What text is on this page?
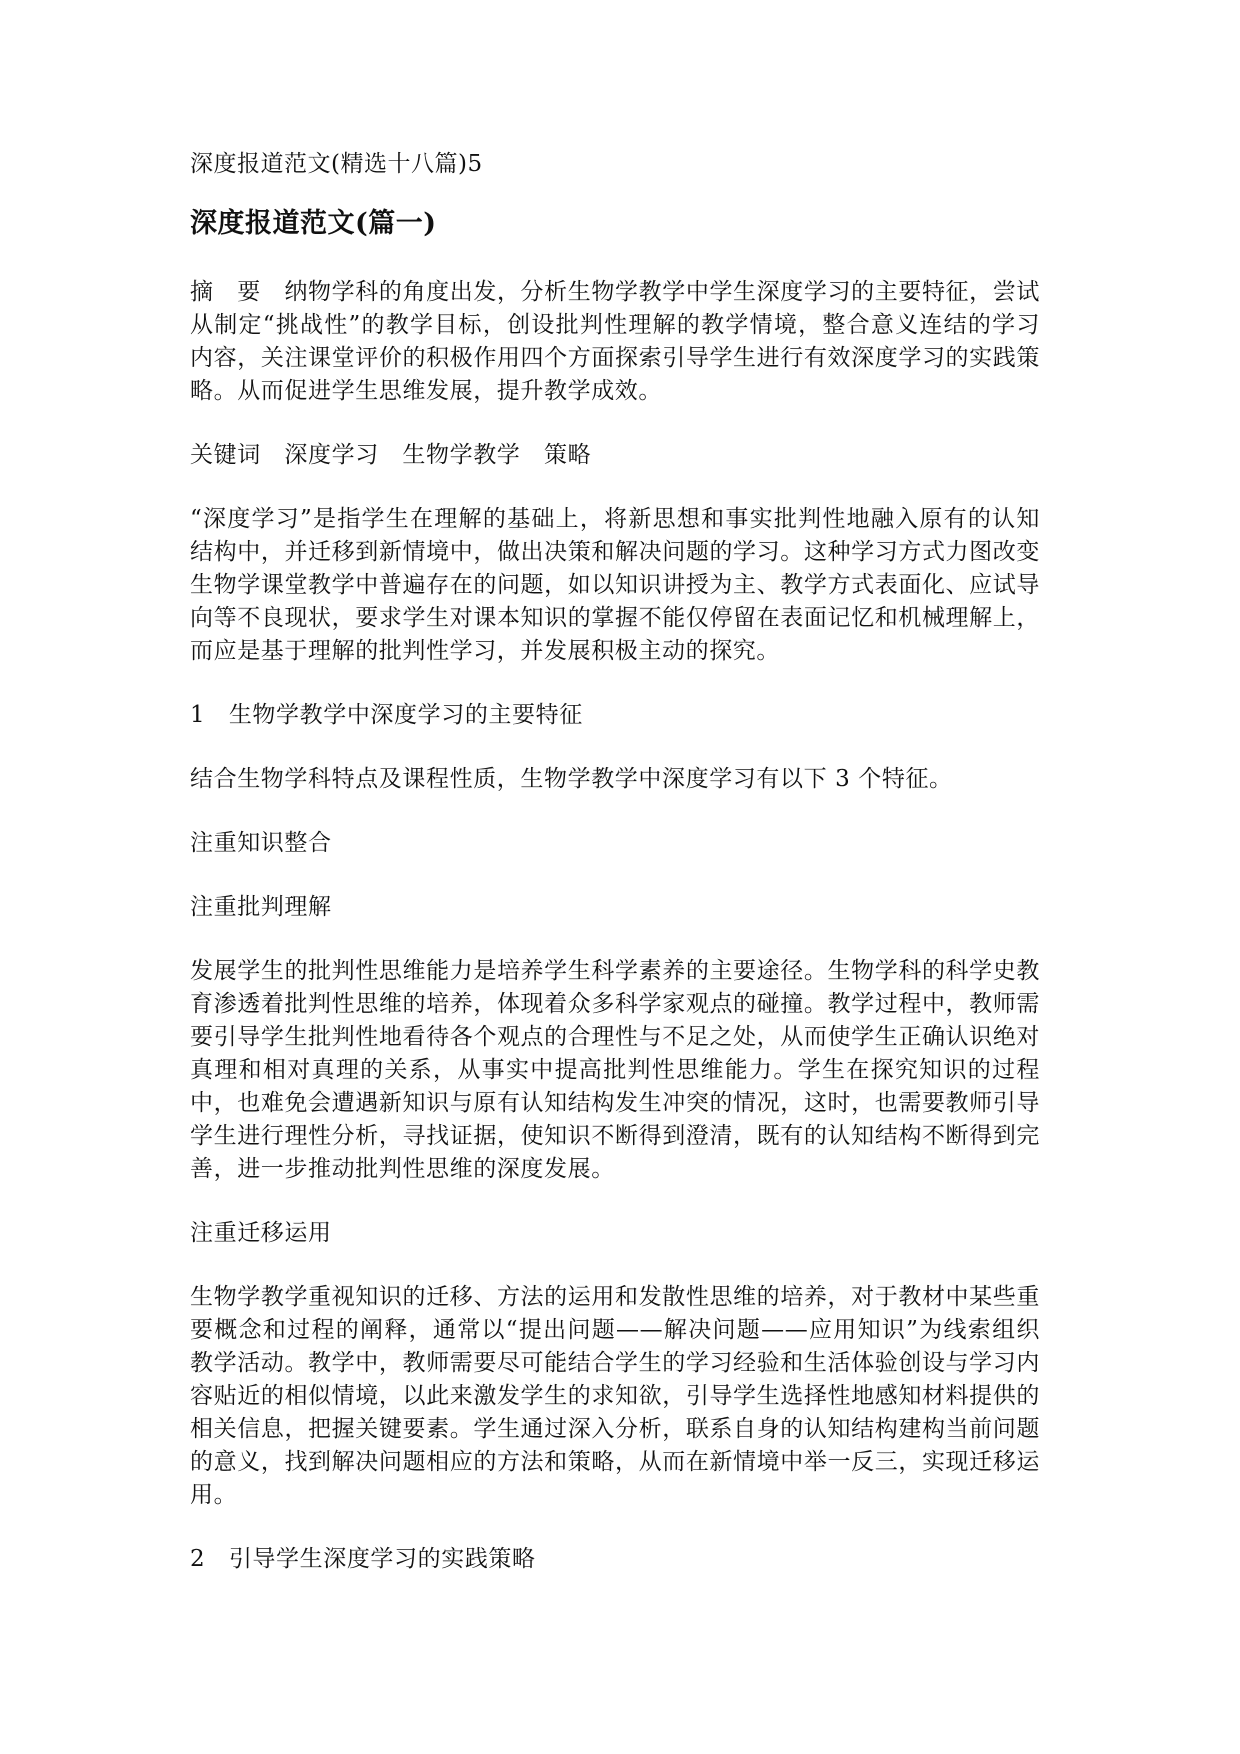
深度报道范文(精选十八篇)5
深度报道范文(篇一)

摘　要　纳物学科的角度出发，分析生物学教学中学生深度学习的主要特征，尝试从制定“挑战性”的教学目标，创设批判性理解的教学情境，整合意义连结的学习内容，关注课堂评价的积极作用四个方面探索引导学生进行有效深度学习的实践策略。从而促进学生思维发展，提升教学成效。

关键词　深度学习　生物学教学　策略

“深度学习”是指学生在理解的基础上，将新思想和事实批判性地融入原有的认知结构中，并迁移到新情境中，做出决策和解决问题的学习。这种学习方式力图改变生物学课堂教学中普遍存在的问题，如以知识讲授为主、教学方式表面化、应试导向等不良现状，要求学生对课本知识的掌握不能仅停留在表面记忆和机械理解上，而应是基于理解的批判性学习，并发展积极主动的探究。

1　生物学教学中深度学习的主要特征

结合生物学科特点及课程性质，生物学教学中深度学习有以下 3 个特征。

注重知识整合

注重批判理解

发展学生的批判性思维能力是培养学生科学素养的主要途径。生物学科的科学史教育渗透着批判性思维的培养，体现着众多科学家观点的碰撞。教学过程中，教师需要引导学生批判性地看待各个观点的合理性与不足之处，从而使学生正确认识绝对真理和相对真理的关系，从事实中提高批判性思维能力。学生在探究知识的过程中，也难免会遭遇新知识与原有认知结构发生冲突的情况，这时，也需要教师引导学生进行理性分析，寻找证据，使知识不断得到澄清，既有的认知结构不断得到完善，进一步推动批判性思维的深度发展。

注重迁移运用

生物学教学重视知识的迁移、方法的运用和发散性思维的培养，对于教材中某些重要概念和过程的阐释，通常以“提出问题——解决问题——应用知识”为线索组织教学活动。教学中，教师需要尽可能结合学生的学习经验和生活体验创设与学习内容贴近的相似情境，以此来激发学生的求知欲，引导学生选择性地感知材料提供的相关信息，把握关键要素。学生通过深入分析，联系自身的认知结构建构当前问题的意义，找到解决问题相应的方法和策略，从而在新情境中举一反三，实现迁移运用。

2　引导学生深度学习的实践策略
